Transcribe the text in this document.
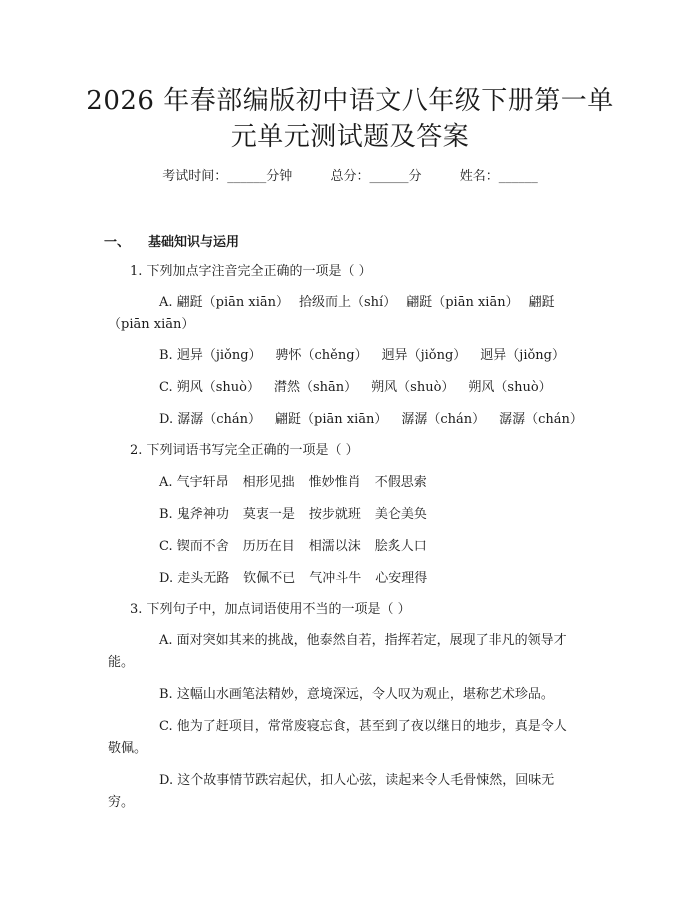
2026 年春部编版初中语文八年级下册第一单
元单元测试题及答案
考试时间：______分钟	总分：______分	姓名：______
一、 基础知识与运用
1. 下列加点字注音完全正确的一项是（ ）
A. 翩跹（piān xiān） 拾级而上（shí） 翩跹（piān xiān） 翩跹
（piān xiān）
B. 迥异（jiǒng） 骋怀（chěng） 迥异（jiǒng） 迥异（jiǒng）
C. 朔风（shuò） 潸然（shān） 朔风（shuò） 朔风（shuò）
D. 潺潺（chán） 翩跹（piān xiān） 潺潺（chán） 潺潺（chán）
2. 下列词语书写完全正确的一项是（ ）
A. 气宇轩昂 相形见拙 惟妙惟肖 不假思索
B. 鬼斧神功 莫衷一是 按步就班 美仑美奂
C. 锲而不舍 历历在目 相濡以沫 脍炙人口
D. 走头无路 钦佩不已 气冲斗牛 心安理得
3. 下列句子中，加点词语使用不当的一项是（ ）
A. 面对突如其来的挑战，他泰然自若，指挥若定，展现了非凡的领导才
能。
B. 这幅山水画笔法精妙，意境深远，令人叹为观止，堪称艺术珍品。
C. 他为了赶项目，常常废寝忘食，甚至到了夜以继日的地步，真是令人
敬佩。
D. 这个故事情节跌宕起伏，扣人心弦，读起来令人毛骨悚然，回味无
穷。
